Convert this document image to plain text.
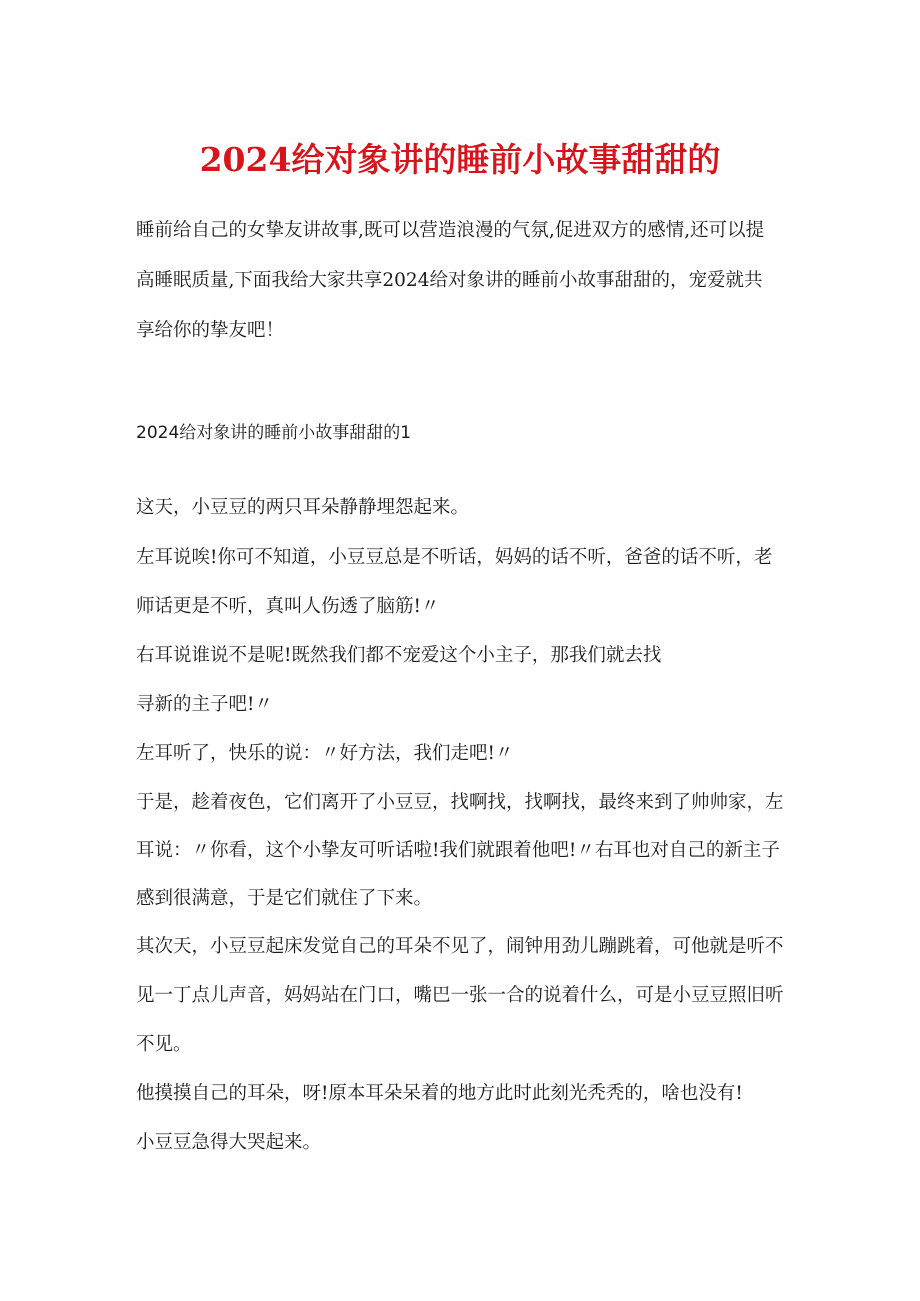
2024给对象讲的睡前小故事甜甜的
睡前给自己的女挚友讲故事,既可以营造浪漫的气氛,促进双方的感情,还可以提
高睡眠质量,下面我给大家共享2024给对象讲的睡前小故事甜甜的，宠爱就共
享给你的挚友吧！
2024给对象讲的睡前小故事甜甜的1
这天，小豆豆的两只耳朵静静埋怨起来。
左耳说唉!你可不知道，小豆豆总是不听话，妈妈的话不听，爸爸的话不听，老
师话更是不听，真叫人伤透了脑筋!〃
右耳说谁说不是呢!既然我们都不宠爱这个小主子，那我们就去找
寻新的主子吧!〃
左耳听了，快乐的说：〃好方法，我们走吧!〃
于是，趁着夜色，它们离开了小豆豆，找啊找，找啊找，最终来到了帅帅家，左
耳说：〃你看，这个小挚友可听话啦!我们就跟着他吧!〃右耳也对自己的新主子
感到很满意，于是它们就住了下来。
其次天，小豆豆起床发觉自己的耳朵不见了，闹钟用劲儿蹦跳着，可他就是听不
见一丁点儿声音，妈妈站在门口，嘴巴一张一合的说着什么，可是小豆豆照旧听
不见。
他摸摸自己的耳朵，呀!原本耳朵呆着的地方此时此刻光秃秃的，啥也没有!
小豆豆急得大哭起来。
